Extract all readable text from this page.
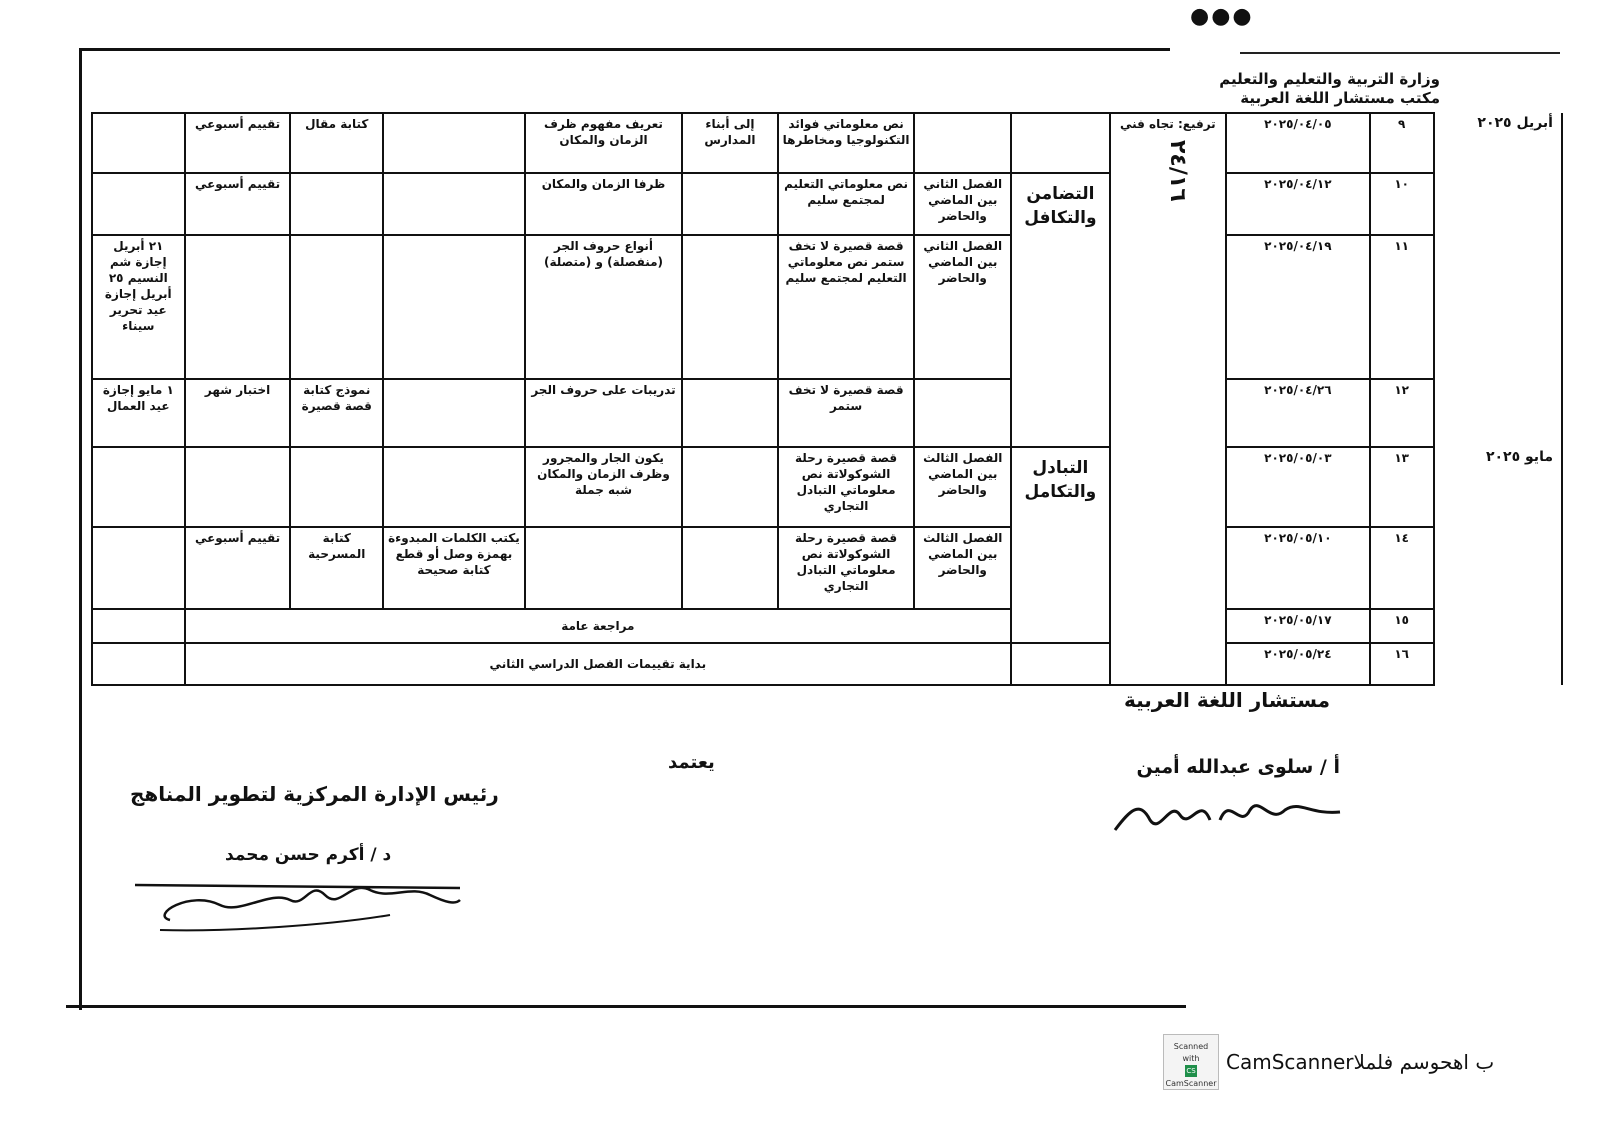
●●●
وزارة التربية والتعليم والتعليم
مكتب مستشار اللغة العربية
٢٤/١٦
أبريل ٢٠٢٥	٩	٢٠٢٥/٠٤/٠٥	ترفيع: تجاه فني			نص معلوماتي فوائد التكنولوجيا ومخاطرها	إلى أبناء المدارس	تعريف مفهوم ظرف الزمان والمكان		كتابة مقال	تقييم أسبوعي	
	١٠	٢٠٢٥/٠٤/١٢		التضامن والتكافل	الفصل الثاني بين الماضي والحاضر	نص معلوماتي التعليم لمجتمع سليم		ظرفا الزمان والمكان			تقييم أسبوعي	
	١١	٢٠٢٥/٠٤/١٩			الفصل الثاني بين الماضي والحاضر	قصة قصيرة لا تخف ستمر نص معلوماتي التعليم لمجتمع سليم		أنواع حروف الجر (منفصلة) و (متصلة)				٢١ أبريل إجازة شم النسيم ٢٥ أبريل إجازة عيد تحرير سيناء
	١٢	٢٠٢٥/٠٤/٢٦				قصة قصيرة لا تخف ستمر		تدريبات على حروف الجر		نموذج كتابة قصة قصيرة	اختبار شهر	١ مايو إجازة عيد العمال
مايو ٢٠٢٥	١٣	٢٠٢٥/٠٥/٠٣		التبادل والتكامل	الفصل الثالث بين الماضي والحاضر	قصة قصيرة رحلة الشوكولاتة نص معلوماتي التبادل التجاري		يكون الجار والمجرور وظرف الزمان والمكان شبه جملة				
	١٤	٢٠٢٥/٠٥/١٠			الفصل الثالث بين الماضي والحاضر	قصة قصيرة رحلة الشوكولاتة نص معلوماتي التبادل التجاري			يكتب الكلمات المبدوءة بهمزة وصل أو قطع كتابة صحيحة	كتابة المسرحية	تقييم أسبوعي	
	١٥	٢٠٢٥/٠٥/١٧			مراجعة عامة							
	١٦	٢٠٢٥/٠٥/٢٤			بداية تقييمات الفصل الدراسي الثاني							
مستشار اللغة العربية
أ / سلوى عبدالله أمين
يعتمد
رئيس الإدارة المركزية لتطوير المناهج
د / أكرم حسن محمد
Scanned with
CS CamScanner
CamScannerب اهحوسم فلملا
